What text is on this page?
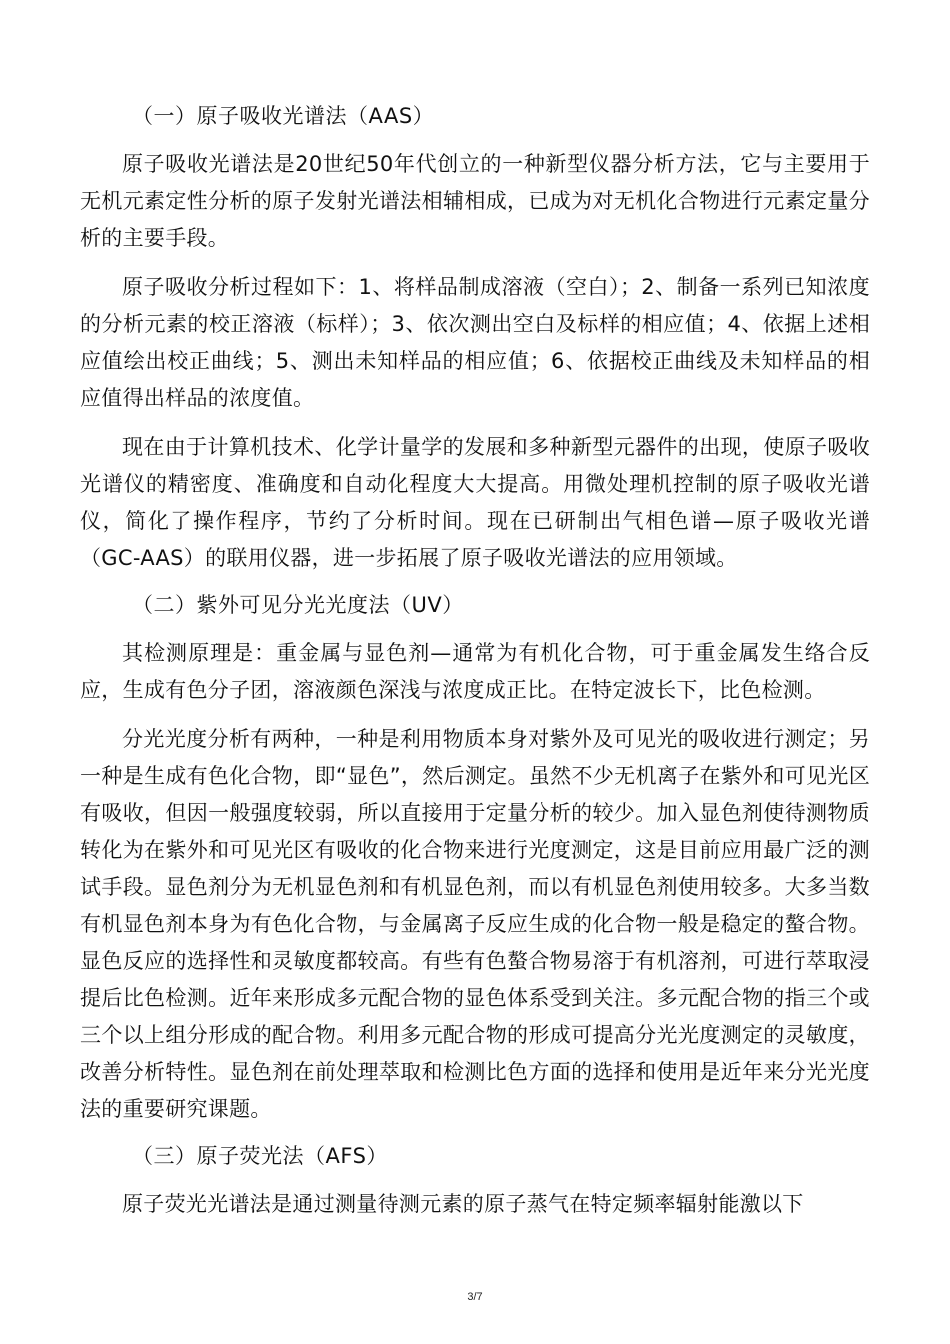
（一）原子吸收光谱法（AAS）

原子吸收光谱法是20世纪50年代创立的一种新型仪器分析方法，它与主要用于无机元素定性分析的原子发射光谱法相辅相成，已成为对无机化合物进行元素定量分析的主要手段。

原子吸收分析过程如下：1、将样品制成溶液（空白）；2、制备一系列已知浓度的分析元素的校正溶液（标样）；3、依次测出空白及标样的相应值；4、依据上述相应值绘出校正曲线；5、测出未知样品的相应值；6、依据校正曲线及未知样品的相应值得出样品的浓度值。

现在由于计算机技术、化学计量学的发展和多种新型元器件的出现，使原子吸收光谱仪的精密度、准确度和自动化程度大大提高。用微处理机控制的原子吸收光谱仪，简化了操作程序，节约了分析时间。现在已研制出气相色谱—原子吸收光谱（GC-AAS）的联用仪器，进一步拓展了原子吸收光谱法的应用领域。

（二）紫外可见分光光度法（UV）

其检测原理是：重金属与显色剂—通常为有机化合物，可于重金属发生络合反应，生成有色分子团，溶液颜色深浅与浓度成正比。在特定波长下，比色检测。

分光光度分析有两种，一种是利用物质本身对紫外及可见光的吸收进行测定；另一种是生成有色化合物，即“显色”，然后测定。虽然不少无机离子在紫外和可见光区有吸收，但因一般强度较弱，所以直接用于定量分析的较少。加入显色剂使待测物质转化为在紫外和可见光区有吸收的化合物来进行光度测定，这是目前应用最广泛的测试手段。显色剂分为无机显色剂和有机显色剂，而以有机显色剂使用较多。大多当数有机显色剂本身为有色化合物，与金属离子反应生成的化合物一般是稳定的螯合物。显色反应的选择性和灵敏度都较高。有些有色螯合物易溶于有机溶剂，可进行萃取浸提后比色检测。近年来形成多元配合物的显色体系受到关注。多元配合物的指三个或三个以上组分形成的配合物。利用多元配合物的形成可提高分光光度测定的灵敏度，改善分析特性。显色剂在前处理萃取和检测比色方面的选择和使用是近年来分光光度法的重要研究课题。

（三）原子荧光法（AFS）

原子荧光光谱法是通过测量待测元素的原子蒸气在特定频率辐射能激以下

3/7
